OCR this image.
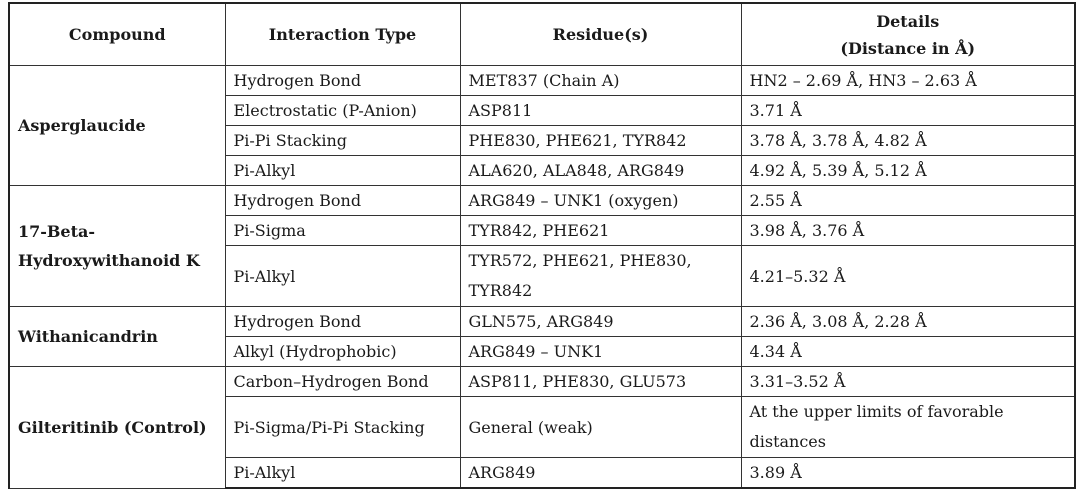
Compound	Interaction Type	Residue(s)	Details
(Distance in Å)
Asperglaucide	Hydrogen Bond	MET837 (Chain A)	HN2 – 2.69 Å, HN3 – 2.63 Å
	Electrostatic (P-Anion)	ASP811	3.71 Å
	Pi-Pi Stacking	PHE830, PHE621, TYR842	3.78 Å, 3.78 Å, 4.82 Å
	Pi-Alkyl	ALA620, ALA848, ARG849	4.92 Å, 5.39 Å, 5.12 Å
17-Beta-
Hydroxywithanoid K	Hydrogen Bond	ARG849 – UNK1 (oxygen)	2.55 Å
	Pi-Sigma	TYR842, PHE621	3.98 Å, 3.76 Å
	Pi-Alkyl	TYR572, PHE621, PHE830,
TYR842	4.21–5.32 Å

Withanicandrin	Hydrogen Bond	GLN575, ARG849	2.36 Å, 3.08 Å, 2.28 Å
	Alkyl (Hydrophobic)	ARG849 – UNK1	4.34 Å
Gilteritinib (Control)	Carbon–Hydrogen Bond	ASP811, PHE830, GLU573	3.31–3.52 Å
	Pi-Sigma/Pi-Pi Stacking	General (weak)	At the upper limits of favorable
distances

	Pi-Alkyl	ARG849	3.89 Å
